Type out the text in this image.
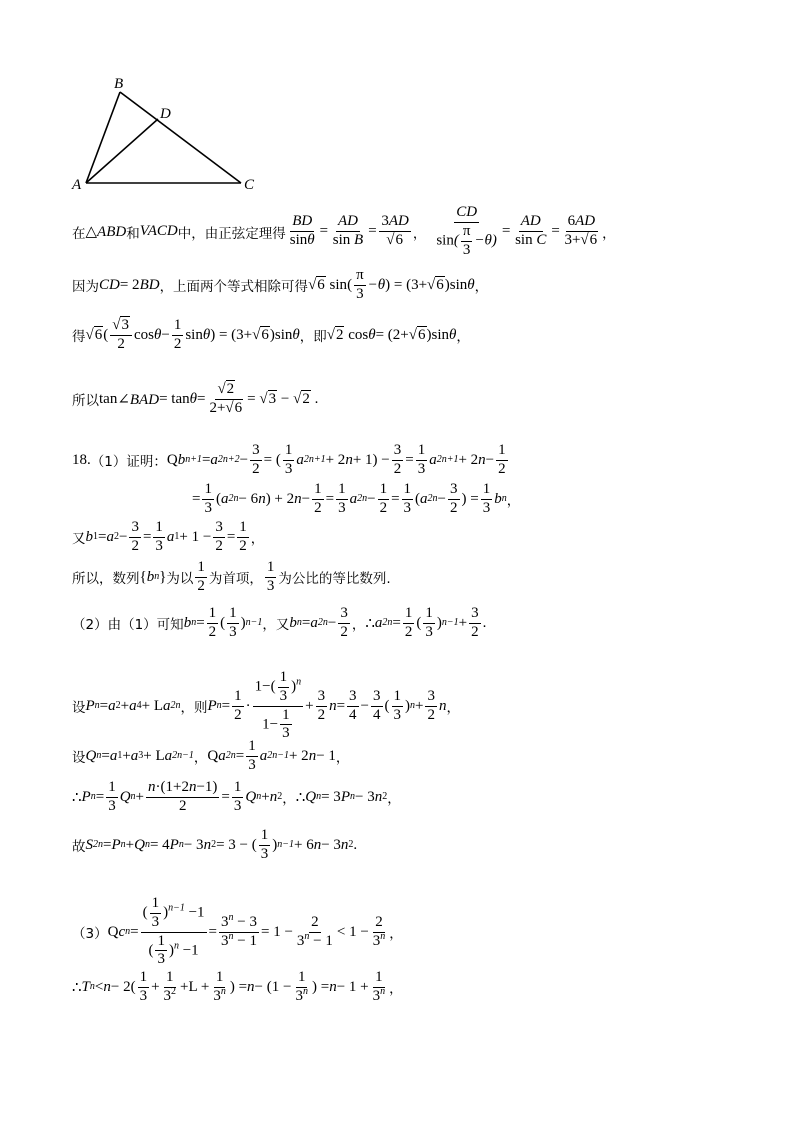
B
D
A	C
在 △ABD 和 VACD 中，由正弦定理得 $\frac{BD}{\sin\theta} = \frac{AD}{\text{sin B}} = \frac{3AD}{√6}$ ， $\frac{CD}{\sin( \frac{\pi}{3} -\theta)} = \frac{AD}{\text{sin C}} = \frac{6AD}{3+√6}$ ，
因为 CD = 2 BD ，上面两个等式相除可得 √6 sin ( $\frac{\pi}{3} -\theta$ ) = (3+√6)sin θ ，
得 $√6( \frac{√3}{2}$ $\cos \theta - \frac{1}{2}$ sin θ ) = (3+√6)sin θ ，即 √2 cos θ = (2+√6)sin θ ，
所以 tan ∠BAD = $\tan \theta = \frac{√2}{2+√6} = √3 - √2$ .
18. （1）证明： Q b n+1 = a $2n+2 - \frac{3}{2}$ = ( $\frac{1}{3}$ a 2n+1 + 2 $n + 1) - \frac{3}{2} = \frac{1}{3}$ a 2n+1 + 2 $n - \frac{1}{2}$
= $\frac{1}{3}$ ( a 2n − 6 n ) + 2 $n - \frac{1}{2} = \frac{1}{3}$ a $2n - \frac{1}{2} = \frac{1}{3}$ ( a $2n - \frac{3}{2}$ ) = $\frac{1}{3}$ b n ，
又 b 1 = a $2 - \frac{3}{2} = \frac{1}{3}$ a $1 + 1 - \frac{3}{2} = \frac{1}{2}$ ，
所以，数列 { b n } 为以 $\frac{1}{2}$ 为首项， $\frac{1}{3}$ 为公比的等比数列.
（2）由（1）可知 b $n = \frac{1}{2}$ ( $\frac{1}{3}$ ) n−1 ，又 b n = a $2n - \frac{3}{2}$ ， ∴ a $2n = \frac{1}{2}$ ( $\frac{1}{3}$ ) $n-1 + \frac{3}{2}$ .
设 P n = a 2 + a 4 + L a 2n ，则 P $n = \frac{1}{2} \cdot \frac{1-( \frac{1}{3} )^n}{1- \frac{1}{3}} + \frac{3}{2}$ $n = \frac{3}{4} - \frac{3}{4}$ ( $\frac{1}{3}$ ) $n + \frac{3}{2}$ n ，
设 Q n = a 1 + a 3 + L a 2n−1 ， Q a $2n = \frac{1}{3}$ a 2n−1 + 2 n − 1 ，
∴ P $n = \frac{1}{3}$ Q $n + \frac{n\cdot(1+2n-1)}{2} = \frac{1}{3}$ Q n + n 2 ， ∴ Q n = 3 P n − 3 n 2 ，
故 S 2n = P n + Q n = 4 P n − 3 n 2 = 3 − ( $\frac{1}{3}$ ) n−1 + 6 n − 3 n 2 .
（3） Q c $n = \frac{( \frac{1}{3} )^{n-1} -1}{( \frac{1}{3} )^n -1} = \frac{3^n - 3}{3^n - 1} = 1 - \frac{2}{3^n - 1} < 1 - \frac{2}{3^n}$ ，
∴ T $n < n - 2( \frac{1}{3} + \frac{1}{3^2} +L + \frac{1}{3^n}$ ) = $n - (1 - \frac{1}{3^n}$ ) = $n - 1 + \frac{1}{3^n}$ ，
